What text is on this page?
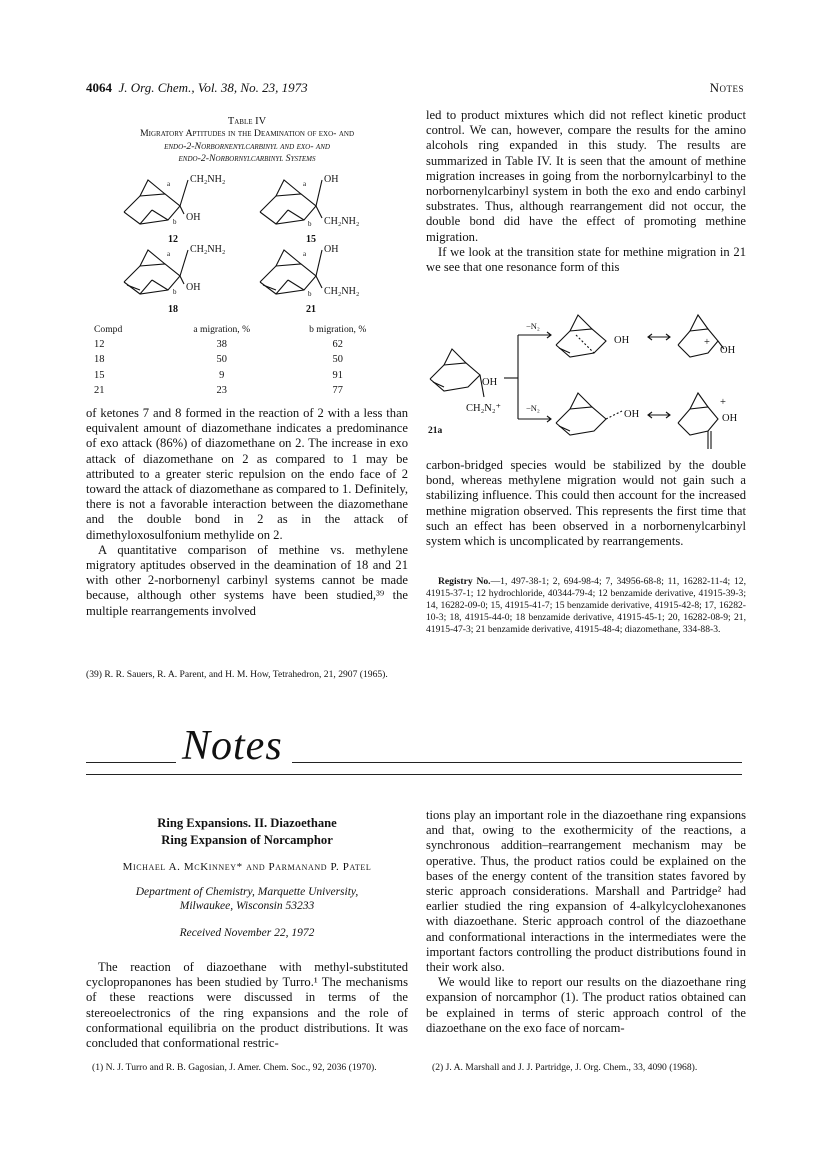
4064 J. Org. Chem., Vol. 38, No. 23, 1973	Notes
Table IV
Migratory Aptitudes in the Deamination of exo- and
endo-2-Norbornenylcarbinyl and exo- and
endo-2-Norbornylcarbinyl Systems
CH₂NH₂
OH
a
b
12
OH
CH₂NH₂
a
b
15
CH₂NH₂
OH
a
b
18
OH
CH₂NH₂
a
b
21
Compd	a migration, %	b migration, %
12	38	62
18	50	50
15	9	91
21	23	77

of ketones 7 and 8 formed in the reaction of 2 with a less than equivalent amount of diazomethane indicates a predominance of exo attack (86%) of diazomethane on 2. The increase in exo attack of diazomethane on 2 as compared to 1 may be attributed to a greater steric repulsion on the endo face of 2 toward the attack of diazomethane as compared to 1. Definitely, there is not a favorable interaction between the diazomethane and the double bond in 2 as in the attack of dimethyloxosulfonium methylide on 2.

A quantitative comparison of methine vs. methylene migratory aptitudes observed in the deamination of 18 and 21 with other 2-norbornenyl carbinyl systems cannot be made because, although other systems have been studied,³⁹ the multiple rearrangements involved

(39) R. R. Sauers, R. A. Parent, and H. M. How, Tetrahedron, 21, 2907 (1965).

led to product mixtures which did not reflect kinetic product control. We can, however, compare the results for the amino alcohols ring expanded in this study. The results are summarized in Table IV. It is seen that the amount of methine migration increases in going from the norbornylcarbinyl to the norbornenylcarbinyl system in both the exo and endo carbinyl substrates. Thus, although rearrangement did not occur, the double bond did have the effect of promoting methine migration.

If we look at the transition state for methine migration in 21 we see that one resonance form of this

OH
CH₂N₂⁺
21a
−N₂
−N₂
OH
OH
+
OH	OH
+

carbon-bridged species would be stabilized by the double bond, whereas methylene migration would not gain such a stabilizing influence. This could then account for the increased methine migration observed. This represents the first time that such an effect has been observed in a norbornenylcarbinyl system which is uncomplicated by rearrangements.

Registry No.—1, 497-38-1; 2, 694-98-4; 7, 34956-68-8; 11, 16282-11-4; 12, 41915-37-1; 12 hydrochloride, 40344-79-4; 12 benzamide derivative, 41915-39-3; 14, 16282-09-0; 15, 41915-41-7; 15 benzamide derivative, 41915-42-8; 17, 16282-10-3; 18, 41915-44-0; 18 benzamide derivative, 41915-45-1; 20, 16282-08-9; 21, 41915-47-3; 21 benzamide derivative, 41915-48-4; diazomethane, 334-88-3.
Notes
Ring Expansions. II. Diazoethane
Ring Expansion of Norcamphor
Michael A. McKinney* and Parmanand P. Patel
Department of Chemistry, Marquette University,
Milwaukee, Wisconsin 53233
Received November 22, 1972

The reaction of diazoethane with methyl-substituted cyclopropanones has been studied by Turro.¹ The mechanisms of these reactions were discussed in terms of the stereoelectronics of the ring expansions and the role of conformational equilibria on the product distributions. It was concluded that conformational restric-

(1) N. J. Turro and R. B. Gagosian, J. Amer. Chem. Soc., 92, 2036 (1970).

tions play an important role in the diazoethane ring expansions and that, owing to the exothermicity of the reactions, a synchronous addition–rearrangement mechanism may be operative. Thus, the product ratios could be explained on the bases of the energy content of the transition states favored by steric approach considerations. Marshall and Partridge² had earlier studied the ring expansion of 4-alkylcyclohexanones with diazoethane. Steric approach control of the diazoethane and conformational interactions in the intermediates were the important factors controlling the product distributions found in their work also.

We would like to report our results on the diazoethane ring expansion of norcamphor (1). The product ratios obtained can be explained in terms of steric approach control of the diazoethane on the exo face of norcam-

(2) J. A. Marshall and J. J. Partridge, J. Org. Chem., 33, 4090 (1968).
